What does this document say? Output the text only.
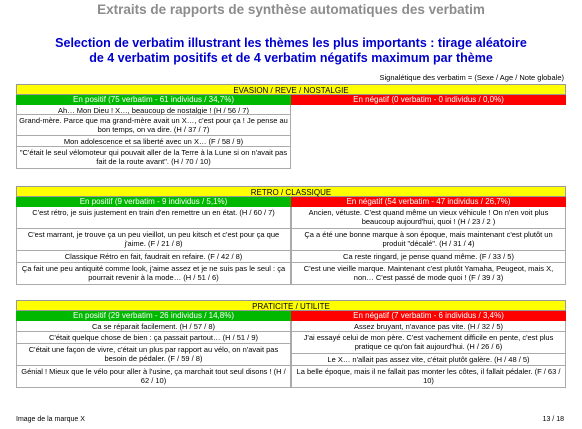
Extraits de rapports de synthèse automatiques des verbatim
Selection de verbatim illustrant les thèmes les plus importants : tirage aléatoire
de 4 verbatim positifs et de 4 verbatim négatifs maximum par thème
Signalétique des verbatim = (Sexe / Age / Note globale)
EVASION / REVE / NOSTALGIE
En positif (75 verbatim - 61 individus / 34,7%)
Ah… Mon Dieu ! X…, beaucoup de nostalgie ! (H / 56 / 7)
Grand-mère. Parce que ma grand-mère avait un X…, c'est pour ça ! Je pense au bon temps, on va dire. (H / 37 / 7)
Mon adolescence et sa liberté avec un X… (F / 58 / 9)
"C'était le seul vélomoteur qui pouvait aller de la Terre à la Lune si on n'avait pas fait de la route avant". (H / 70 / 10)
En négatif (0 verbatim - 0 individus / 0,0%)
RETRO / CLASSIQUE
En positif (9 verbatim - 9 individus / 5,1%)
C'est rétro, je suis justement en train d'en remettre un en état. (H / 60 / 7)
C'est marrant, je trouve ça un peu vieillot, un peu kitsch et c'est pour ça que j'aime. (F / 21 / 8)
Classique Rétro en fait, faudrait en refaire. (F / 42 / 8)
Ça fait une peu antiquité comme look, j'aime assez et je ne suis pas le seul : ça pourrait revenir à la mode… (H / 51 / 6)
En négatif (54 verbatim - 47 individus / 26,7%)
Ancien, vétuste. C'est quand même un vieux véhicule ! On n'en voit plus beaucoup aujourd'hui, quoi ! (H / 23 / 2 )
Ça a été une bonne marque à son époque, mais maintenant c'est plutôt un produit "décalé". (H / 31 / 4)
Ca reste ringard, je pense quand même. (F / 33 / 5)
C'est une vieille marque. Maintenant c'est plutôt Yamaha, Peugeot, mais X, non… C'est passé de mode quoi ! (F / 39 / 3)
PRATICITE / UTILITE
En positif (29 verbatim - 26 individus / 14,8%)
Ca se réparait facilement. (H / 57 / 8)
C'était quelque chose de bien : ça passait partout… (H / 51 / 9)
C'était une façon de vivre, c'était un plus par rapport au vélo, on n'avait pas besoin de pédaler. (F / 59 / 8)
Génial ! Mieux que le vélo pour aller à l'usine, ça marchait tout seul disons ! (H / 62 / 10)
En négatif (7 verbatim - 6 individus / 3,4%)
Assez bruyant, n'avance pas vite. (H / 32 / 5)
J'ai essayé celui de mon père. C'est vachement difficile en pente, c'est plus pratique ce qu'on fait aujourd'hui. (H / 26 / 6)
Le X… n'allait pas assez vite, c'était plutôt galère. (H / 48 / 5)
La belle époque, mais il ne fallait pas monter les côtes, il fallait pédaler. (F / 63 / 10)
Image de la marque X	13 / 18
